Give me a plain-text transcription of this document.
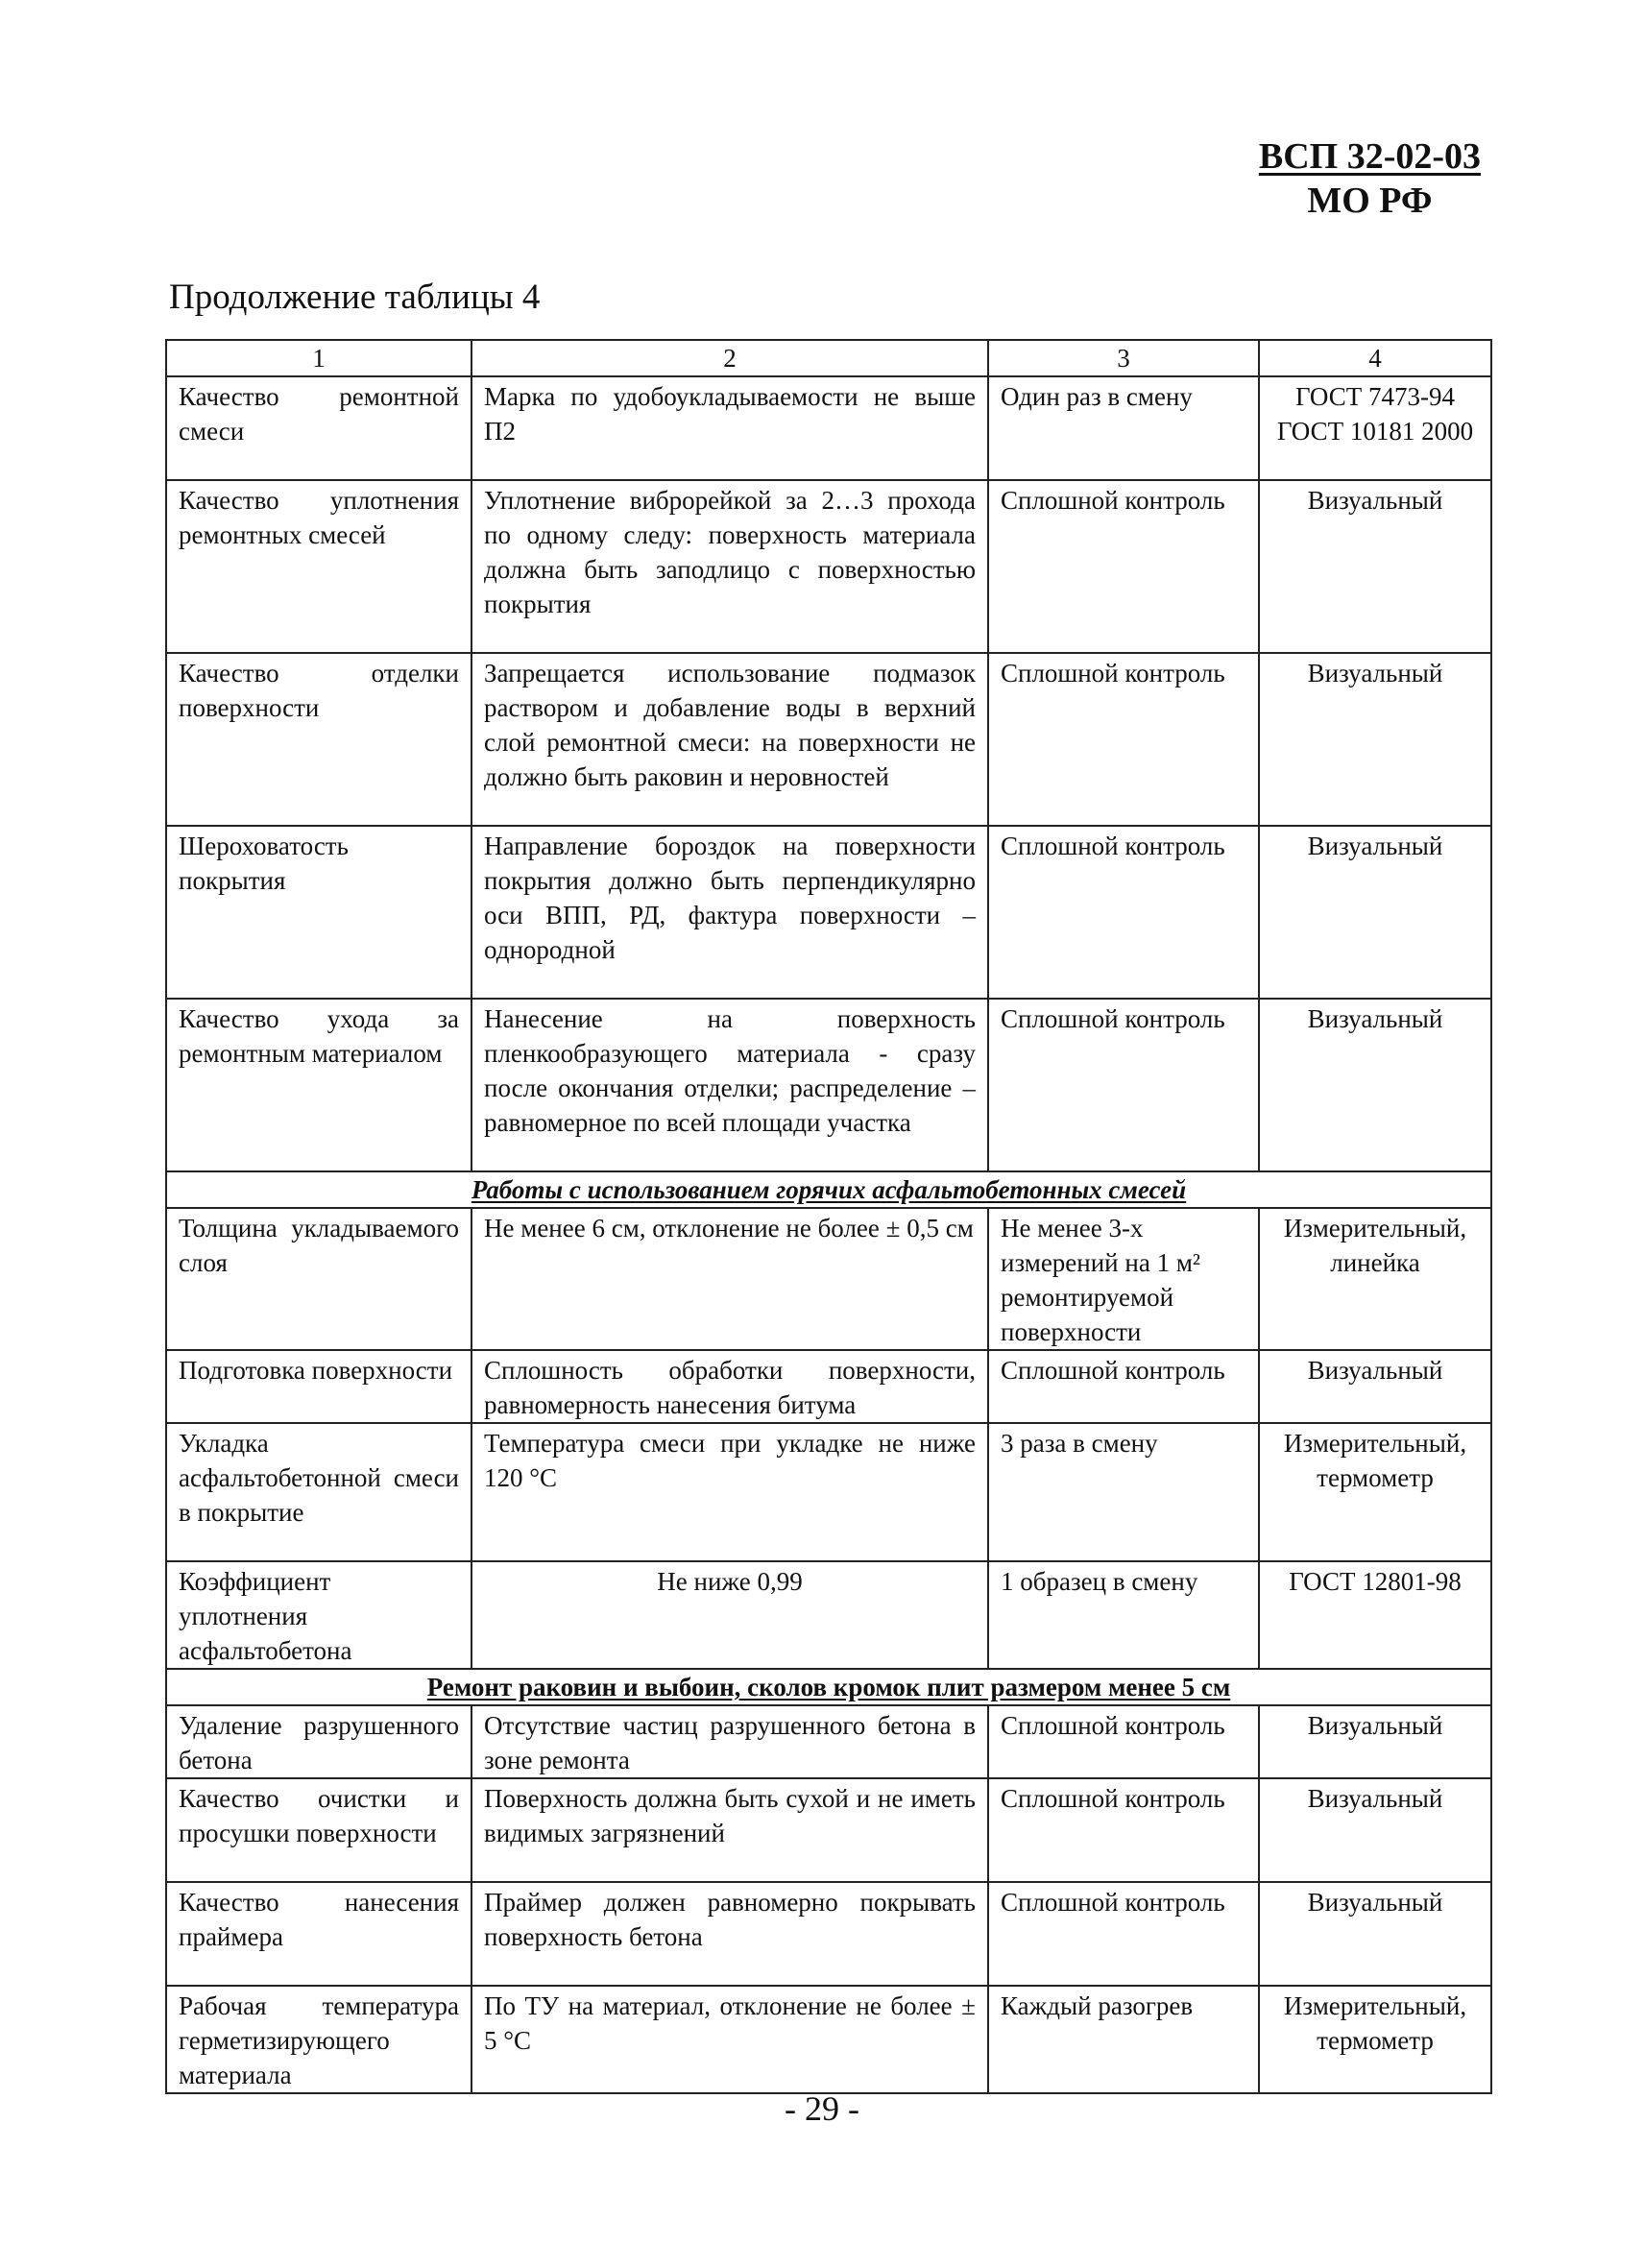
ВСП 32-02-03
МО РФ
Продолжение таблицы 4
1	2	3	4
Качество ремонтной смеси	Марка по удобоукладываемости не выше П2	Один раз в смену	ГОСТ 7473-94 ГОСТ 10181 2000
Качество уплотнения ремонтных смесей	Уплотнение виброрейкой за 2…3 прохода по одному следу: поверхность материала должна быть заподлицо с поверхностью покрытия	Сплошной контроль	Визуальный
Качество отделки поверхности	Запрещается использование подмазок раствором и добавление воды в верхний слой ремонтной смеси: на поверхности не должно быть раковин и неровностей	Сплошной контроль	Визуальный
Шероховатость покрытия	Направление бороздок на поверхности покрытия должно быть перпендикулярно оси ВПП, РД, фактура поверхности – однородной	Сплошной контроль	Визуальный
Качество ухода за ремонтным материалом	Нанесение на поверхность пленкообразующего материала - сразу после окончания отделки; распределение – равномерное по всей площади участка	Сплошной контроль	Визуальный
Работы с использованием горячих асфальтобетонных смесей			
Толщина укладываемого слоя	Не менее 6 см, отклонение не более ± 0,5 см	Не менее 3-х измерений на 1 м² ремонтируемой поверхности	Измерительный, линейка
Подготовка поверхности	Сплошность обработки поверхности, равномерность нанесения битума	Сплошной контроль	Визуальный
Укладка асфальтобетонной смеси в покрытие	Температура смеси при укладке не ниже 120 °С	3 раза в смену	Измерительный, термометр
Коэффициент уплотнения асфальтобетона	Не ниже 0,99	1 образец в смену	ГОСТ 12801-98
Ремонт раковин и выбоин, сколов кромок плит размером менее 5 см			
Удаление разрушенного бетона	Отсутствие частиц разрушенного бетона в зоне ремонта	Сплошной контроль	Визуальный
Качество очистки и просушки поверхности	Поверхность должна быть сухой и не иметь видимых загрязнений	Сплошной контроль	Визуальный
Качество нанесения праймера	Праймер должен равномерно покрывать поверхность бетона	Сплошной контроль	Визуальный
Рабочая температура герметизирующего материала	По ТУ на материал, отклонение не более ± 5 °С	Каждый разогрев	Измерительный, термометр
- 29 -
